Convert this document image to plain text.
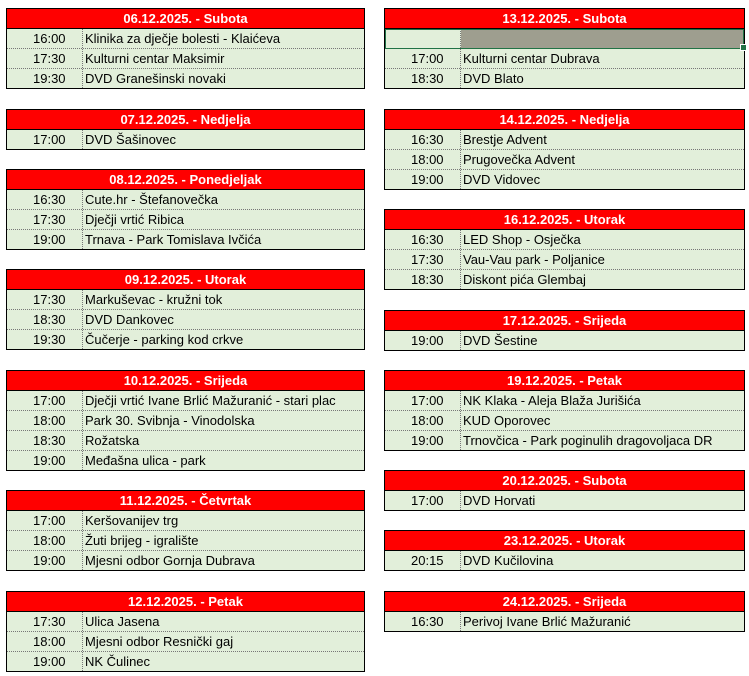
06.12.2025. - Subota
16:00	Klinika za dječje bolesti - Klaićeva
17:30	Kulturni centar Maksimir
19:30	DVD Granešinski novaki
07.12.2025. - Nedjelja
17:00	DVD Šašinovec
08.12.2025. - Ponedjeljak
16:30	Cute.hr - Štefanovečka
17:30	Dječji vrtić Ribica
19:00	Trnava - Park Tomislava Ivčića
09.12.2025. - Utorak
17:30	Markuševac - kružni tok
18:30	DVD Dankovec
19:30	Čučerje - parking kod crkve
10.12.2025. - Srijeda
17:00	Dječji vrtić Ivane Brlić Mažuranić - stari plac
18:00	Park 30. Svibnja - Vinodolska
18:30	Rožatska
19:00	Međašna ulica - park
11.12.2025. - Četvrtak
17:00	Keršovanijev trg
18:00	Žuti brijeg - igralište
19:00	Mjesni odbor Gornja Dubrava
12.12.2025. - Petak
17:30	Ulica Jasena
18:00	Mjesni odbor Resnički gaj
19:00	NK Čulinec
13.12.2025. - Subota
17:00	Kulturni centar Dubrava
18:30	DVD Blato
14.12.2025. - Nedjelja
16:30	Brestje Advent
18:00	Prugovečka Advent
19:00	DVD Vidovec
16.12.2025. - Utorak
16:30	LED Shop - Osječka
17:30	Vau-Vau park - Poljanice
18:30	Diskont pića Glembaj
17.12.2025. - Srijeda
19:00	DVD Šestine
19.12.2025. - Petak
17:00	NK Klaka - Aleja Blaža Jurišića
18:00	KUD Oporovec
19:00	Trnovčica - Park poginulih dragovoljaca DR
20.12.2025. - Subota
17:00	DVD Horvati
23.12.2025. - Utorak
20:15	DVD Kučilovina
24.12.2025. - Srijeda
16:30	Perivoj Ivane Brlić Mažuranić
